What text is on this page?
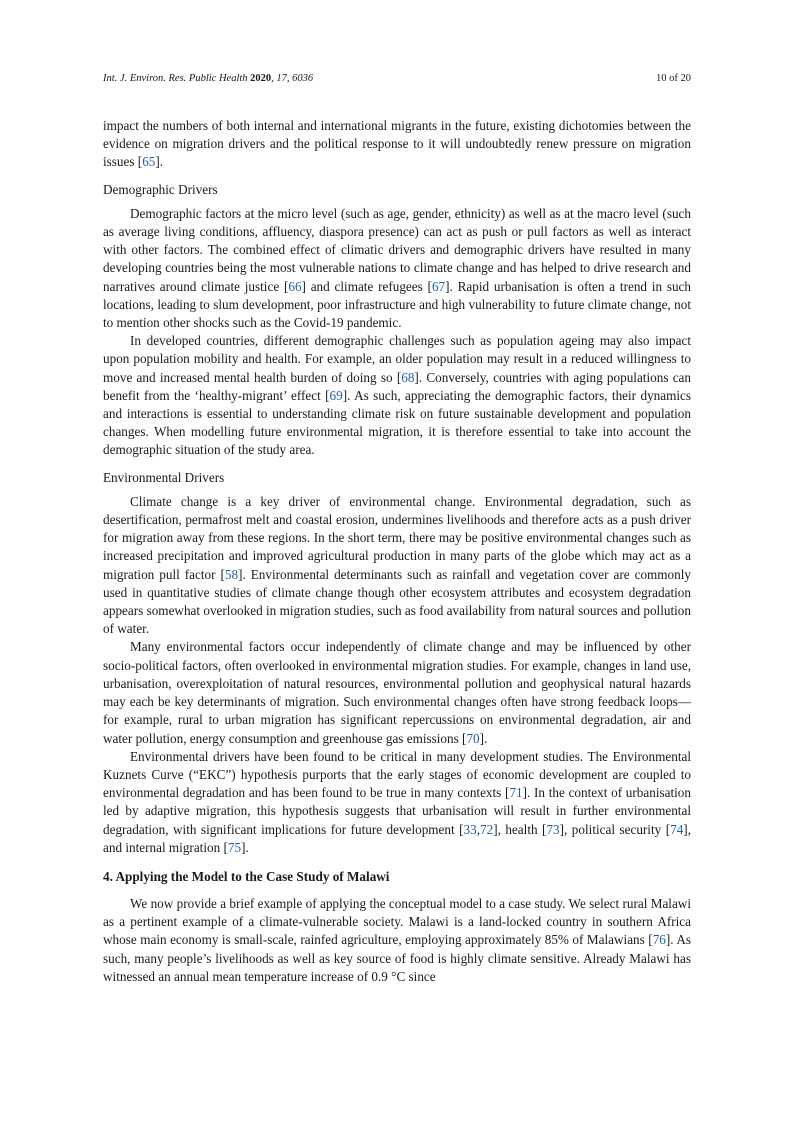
Int. J. Environ. Res. Public Health 2020, 17, 6036	10 of 20

impact the numbers of both internal and international migrants in the future, existing dichotomies between the evidence on migration drivers and the political response to it will undoubtedly renew pressure on migration issues [65].

Demographic Drivers

Demographic factors at the micro level (such as age, gender, ethnicity) as well as at the macro level (such as average living conditions, affluency, diaspora presence) can act as push or pull factors as well as interact with other factors. The combined effect of climatic drivers and demographic drivers have resulted in many developing countries being the most vulnerable nations to climate change and has helped to drive research and narratives around climate justice [66] and climate refugees [67]. Rapid urbanisation is often a trend in such locations, leading to slum development, poor infrastructure and high vulnerability to future climate change, not to mention other shocks such as the Covid-19 pandemic.

In developed countries, different demographic challenges such as population ageing may also impact upon population mobility and health. For example, an older population may result in a reduced willingness to move and increased mental health burden of doing so [68]. Conversely, countries with aging populations can benefit from the ‘healthy-migrant’ effect [69]. As such, appreciating the demographic factors, their dynamics and interactions is essential to understanding climate risk on future sustainable development and population changes. When modelling future environmental migration, it is therefore essential to take into account the demographic situation of the study area.

Environmental Drivers

Climate change is a key driver of environmental change. Environmental degradation, such as desertification, permafrost melt and coastal erosion, undermines livelihoods and therefore acts as a push driver for migration away from these regions. In the short term, there may be positive environmental changes such as increased precipitation and improved agricultural production in many parts of the globe which may act as a migration pull factor [58]. Environmental determinants such as rainfall and vegetation cover are commonly used in quantitative studies of climate change though other ecosystem attributes and ecosystem degradation appears somewhat overlooked in migration studies, such as food availability from natural sources and pollution of water.

Many environmental factors occur independently of climate change and may be influenced by other socio-political factors, often overlooked in environmental migration studies. For example, changes in land use, urbanisation, overexploitation of natural resources, environmental pollution and geophysical natural hazards may each be key determinants of migration. Such environmental changes often have strong feedback loops—for example, rural to urban migration has significant repercussions on environmental degradation, air and water pollution, energy consumption and greenhouse gas emissions [70].

Environmental drivers have been found to be critical in many development studies. The Environmental Kuznets Curve (“EKC”) hypothesis purports that the early stages of economic development are coupled to environmental degradation and has been found to be true in many contexts [71]. In the context of urbanisation led by adaptive migration, this hypothesis suggests that urbanisation will result in further environmental degradation, with significant implications for future development [33,72], health [73], political security [74], and internal migration [75].

4. Applying the Model to the Case Study of Malawi

We now provide a brief example of applying the conceptual model to a case study. We select rural Malawi as a pertinent example of a climate-vulnerable society. Malawi is a land-locked country in southern Africa whose main economy is small-scale, rainfed agriculture, employing approximately 85% of Malawians [76]. As such, many people’s livelihoods as well as key source of food is highly climate sensitive. Already Malawi has witnessed an annual mean temperature increase of 0.9 °C since
